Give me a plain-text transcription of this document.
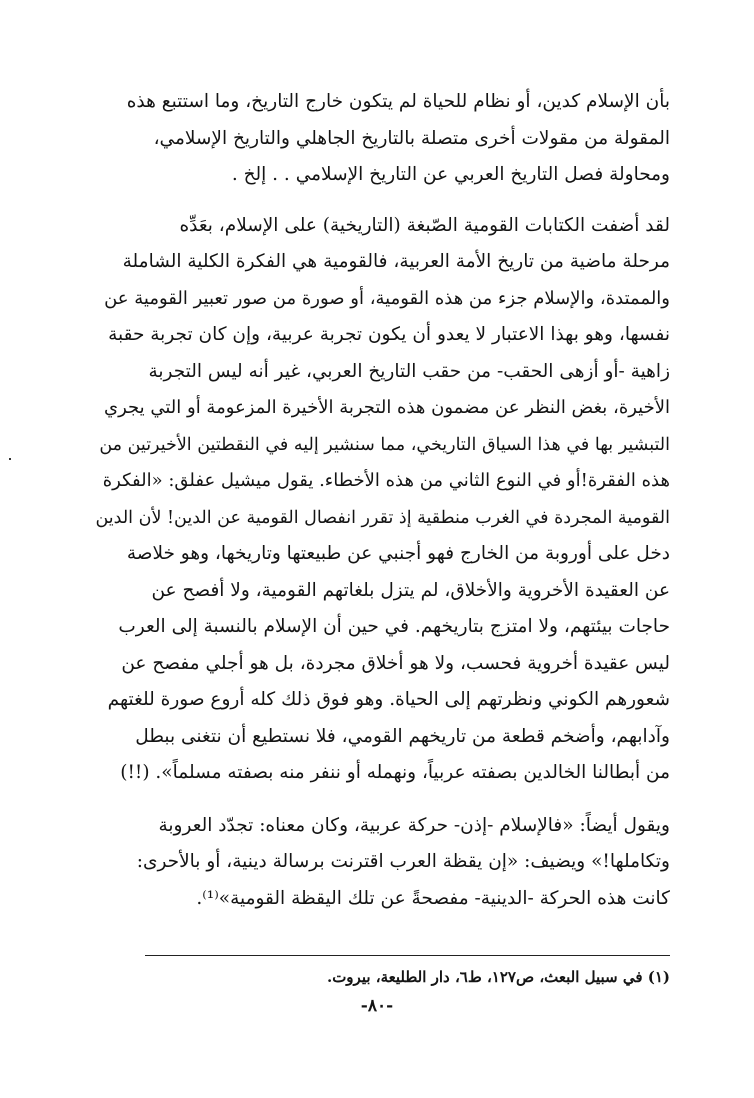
بأن الإسلام كدين، أو نظام للحياة لم يتكون خارج التاريخ، وما استتبع هذه
المقولة من مقولات أخرى متصلة بالتاريخ الجاهلي والتاريخ الإسلامي،
ومحاولة فصل التاريخ العربي عن التاريخ الإسلامي . . إلخ .

لقد أضفت الكتابات القومية الصّبغة (التاريخية) على الإسلام، بعَدِّه
مرحلة ماضية من تاريخ الأمة العربية، فالقومية هي الفكرة الكلية الشاملة
والممتدة، والإسلام جزء من هذه القومية، أو صورة من صور تعبير القومية عن
نفسها، وهو بهذا الاعتبار لا يعدو أن يكون تجربة عربية، وإن كان تجربة حقبة
زاهية -أو أزهى الحقب- من حقب التاريخ العربي، غير أنه ليس التجربة
الأخيرة، بغض النظر عن مضمون هذه التجربة الأخيرة المزعومة أو التي يجري
التبشير بها في هذا السياق التاريخي، مما سنشير إليه في النقطتين الأخيرتين من
هذه الفقرة!أو في النوع الثاني من هذه الأخطاء. يقول ميشيل عفلق: «الفكرة
القومية المجردة في الغرب منطقية إذ تقرر انفصال القومية عن الدين! لأن الدين
دخل على أوروبة من الخارج فهو أجنبي عن طبيعتها وتاريخها، وهو خلاصة
عن العقيدة الأخروية والأخلاق، لم يتزل بلغاتهم القومية، ولا أفصح عن
حاجات بيئتهم، ولا امتزج بتاريخهم. في حين أن الإسلام بالنسبة إلى العرب
ليس عقيدة أخروية فحسب، ولا هو أخلاق مجردة، بل هو أجلي مفصح عن
شعورهم الكوني ونظرتهم إلى الحياة. وهو فوق ذلك كله أروع صورة للغتهم
وآدابهم، وأضخم قطعة من تاريخهم القومي، فلا نستطيع أن نتغنى ببطل
من أبطالنا الخالدين بصفته عربياً، ونهمله أو ننفر منه بصفته مسلماً». (!!)

ويقول أيضاً: «فالإسلام -إذن- حركة عربية، وكان معناه: تجدّد العروبة
وتكاملها!» ويضيف: «إن يقظة العرب اقترنت برسالة دينية، أو بالأحرى:
كانت هذه الحركة -الدينية- مفصحةً عن تلك اليقظة القومية»⁽¹⁾.

(١) في سبيل البعث، ص١٢٧، ط٦، دار الطليعة، بيروت.
-٨٠-
